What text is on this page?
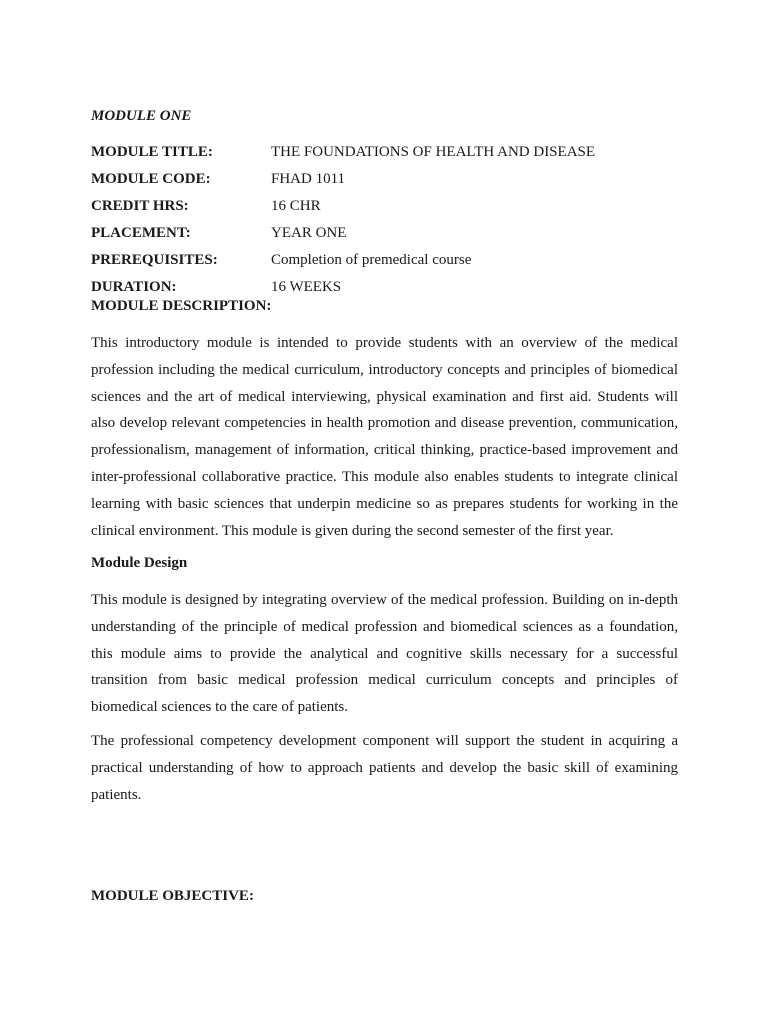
MODULE ONE
MODULE TITLE:	THE FOUNDATIONS OF HEALTH AND DISEASE
MODULE CODE:	FHAD 1011
CREDIT HRS:	16 CHR
PLACEMENT:	YEAR ONE
PREREQUISITES:	Completion of premedical course
DURATION:	16 WEEKS
MODULE DESCRIPTION:

This introductory module is intended to provide students with an overview of the medical profession including the medical curriculum, introductory concepts and principles of biomedical sciences and the art of medical interviewing, physical examination and first aid. Students will also develop relevant competencies in health promotion and disease prevention, communication, professionalism, management of information, critical thinking, practice-based improvement and inter-professional collaborative practice. This module also enables students to integrate clinical learning with basic sciences that underpin medicine so as prepares students for working in the clinical environment. This module is given during the second semester of the first year.

Module Design

This module is designed by integrating overview of the medical profession. Building on in-depth understanding of the principle of medical profession and biomedical sciences as a foundation, this module aims to provide the analytical and cognitive skills necessary for a successful transition from basic medical profession medical curriculum concepts and principles of biomedical sciences to the care of patients.

The professional competency development component will support the student in acquiring a practical understanding of how to approach patients and develop the basic skill of examining patients.

MODULE OBJECTIVE:
